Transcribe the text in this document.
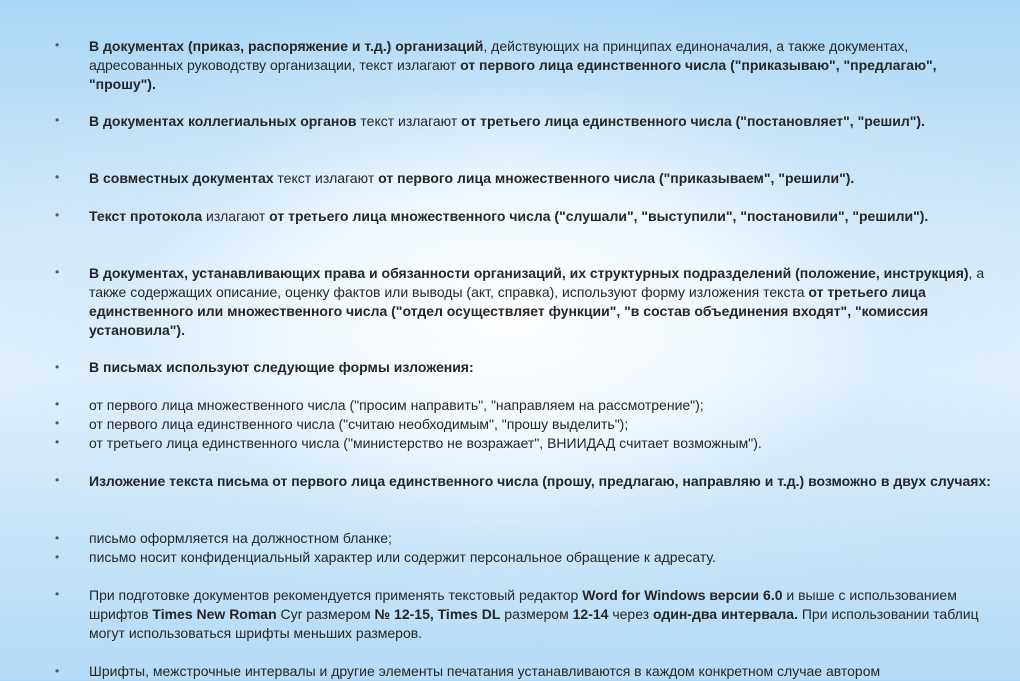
• В документах (приказ, распоряжение и т.д.) организаций, действующих на принципах единоначалия, а также документах, адресованных руководству организации, текст излагают от первого лица единственного числа ("приказываю", "предлагаю", "прошу").

• В документах коллегиальных органов текст излагают от третьего лица единственного числа ("постановляет", "решил").

• В совместных документах текст излагают от первого лица множественного числа ("приказываем", "решили").

• Текст протокола излагают от третьего лица множественного числа ("слушали", "выступили", "постановили", "решили").

• В документах, устанавливающих права и обязанности организаций, их структурных подразделений (положение, инструкция), а также содержащих описание, оценку фактов или выводы (акт, справка), используют форму изложения текста от третьего лица единственного или множественного числа ("отдел осуществляет функции", "в состав объединения входят", "комиссия установила").

• В письмах используют следующие формы изложения:

• от первого лица множественного числа ("просим направить", "направляем на рассмотрение");

• от первого лица единственного числа ("считаю необходимым", "прошу выделить");

• от третьего лица единственного числа ("министерство не возражает", ВНИИДАД считает возможным").

• Изложение текста письма от первого лица единственного числа (прошу, предлагаю, направляю и т.д.) возможно в двух случаях:

• письмо оформляется на должностном бланке;

• письмо носит конфиденциальный характер или содержит персональное обращение к адресату.

• При подготовке документов рекомендуется применять текстовый редактор Word for Windows версии 6.0 и выше с использованием шрифтов Times New Roman Cyr размером № 12-15, Times DL размером 12-14 через один-два интервала. При использовании таблиц могут использоваться шрифты меньших размеров.

• Шрифты, межстрочные интервалы и другие элементы печатания устанавливаются в каждом конкретном случае автором
